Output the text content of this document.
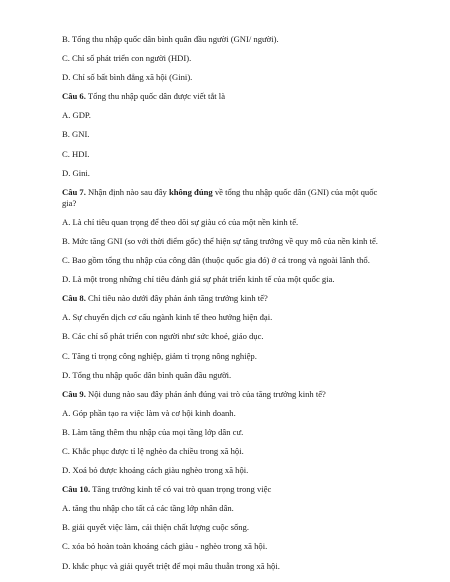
B. Tổng thu nhập quốc dân bình quân đầu người (GNI/ người).
C. Chỉ số phát triển con người (HDI).
D. Chỉ số bất bình đẳng xã hội (Gini).
Câu 6. Tổng thu nhập quốc dân được viết tắt là
A. GDP.
B. GNI.
C. HDI.
D. Gini.
Câu 7. Nhận định nào sau đây không đúng về tổng thu nhập quốc dân (GNI) của một quốc gia?
A. Là chỉ tiêu quan trọng để theo dõi sự giàu có của một nền kinh tế.
B. Mức tăng GNI (so với thời điểm gốc) thể hiện sự tăng trưởng về quy mô của nền kinh tế.
C. Bao gồm tổng thu nhập của công dân (thuộc quốc gia đó) ở cả trong và ngoài lãnh thổ.
D. Là một trong những chỉ tiêu đánh giá sự phát triển kinh tế của một quốc gia.
Câu 8. Chỉ tiêu nào dưới đây phản ánh tăng trưởng kinh tế?
A. Sự chuyển dịch cơ cấu ngành kinh tế theo hướng hiện đại.
B. Các chỉ số phát triển con người như sức khoẻ, giáo dục.
C. Tăng tỉ trọng công nghiệp, giảm tỉ trọng nông nghiệp.
D. Tổng thu nhập quốc dân bình quân đầu người.
Câu 9. Nội dung nào sau đây phản ánh đúng vai trò của tăng trưởng kinh tế?
A. Góp phần tạo ra việc làm và cơ hội kinh doanh.
B. Làm tăng thêm thu nhập của mọi tầng lớp dân cư.
C. Khắc phục được tỉ lệ nghèo đa chiều trong xã hội.
D. Xoá bỏ được khoảng cách giàu nghèo trong xã hội.
Câu 10. Tăng trưởng kinh tế có vai trò quan trọng trong việc
A. tăng thu nhập cho tất cả các tầng lớp nhân dân.
B. giải quyết việc làm, cải thiện chất lượng cuộc sống.
C. xóa bỏ hoàn toàn khoảng cách giàu - nghèo trong xã hội.
D. khắc phục và giải quyết triệt để mọi mâu thuẫn trong xã hội.
